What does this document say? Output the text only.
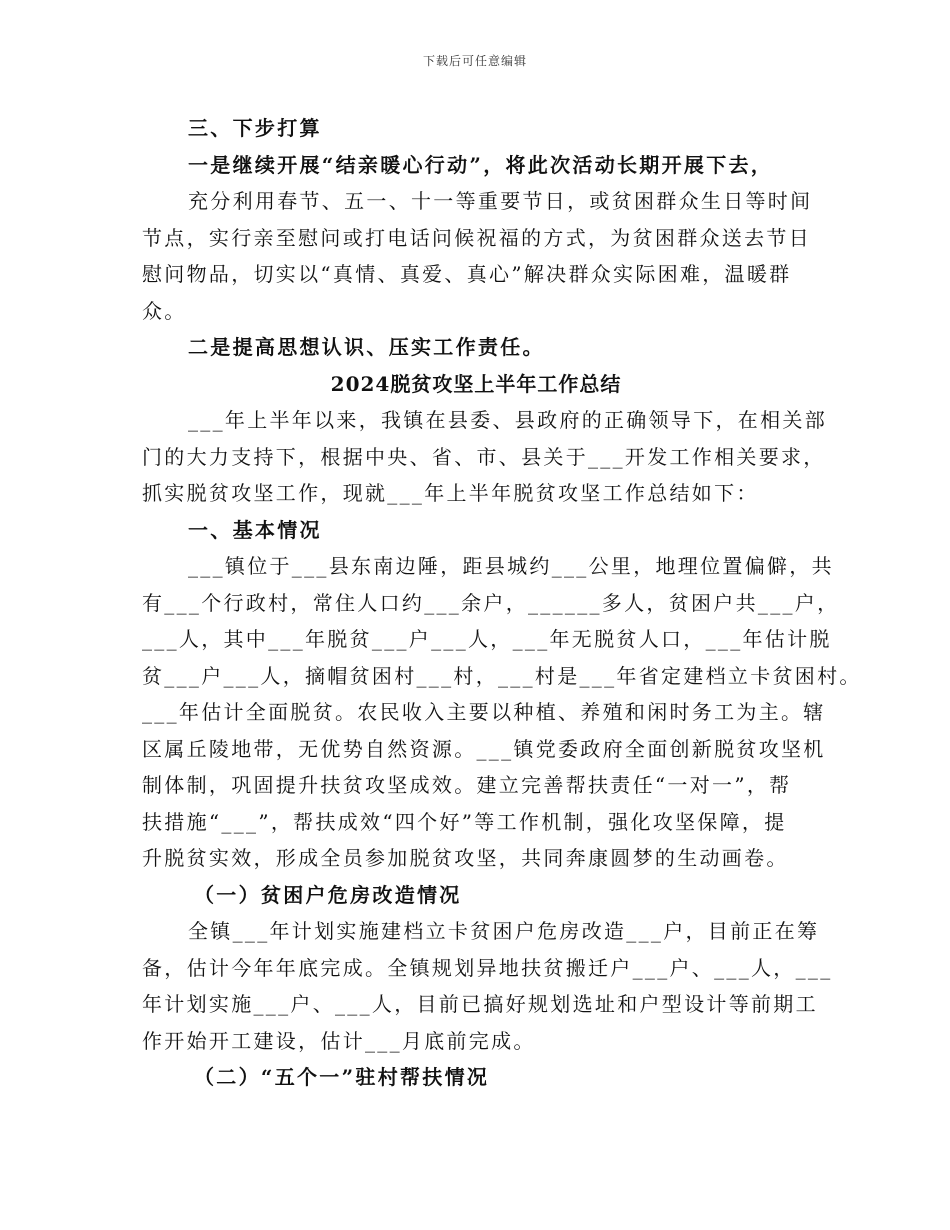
下载后可任意编辑
三、下步打算
一是继续开展“结亲暖心行动”，将此次活动长期开展下去，
充分利用春节、五一、十一等重要节日，或贫困群众生日等时间
节点，实行亲至慰问或打电话问候祝福的方式，为贫困群众送去节日
慰问物品，切实以“真情、真爱、真心”解决群众实际困难，温暖群
众。
二是提高思想认识、压实工作责任。
2024脱贫攻坚上半年工作总结
___年上半年以来，我镇在县委、县政府的正确领导下，在相关部
门的大力支持下，根据中央、省、市、县关于___开发工作相关要求，
抓实脱贫攻坚工作，现就___年上半年脱贫攻坚工作总结如下：
一、基本情况
___镇位于___县东南边陲，距县城约___公里，地理位置偏僻，共
有___个行政村，常住人口约___余户，______多人，贫困户共___户，
___人，其中___年脱贫___户___人，___年无脱贫人口，___年估计脱
贫___户___人，摘帽贫困村___村，___村是___年省定建档立卡贫困村。
___年估计全面脱贫。农民收入主要以种植、养殖和闲时务工为主。辖
区属丘陵地带，无优势自然资源。___镇党委政府全面创新脱贫攻坚机
制体制，巩固提升扶贫攻坚成效。建立完善帮扶责任“一对一”，帮
扶措施“___”，帮扶成效“四个好”等工作机制，强化攻坚保障，提
升脱贫实效，形成全员参加脱贫攻坚，共同奔康圆梦的生动画卷。
（一）贫困户危房改造情况
全镇___年计划实施建档立卡贫困户危房改造___户，目前正在筹
备，估计今年年底完成。全镇规划异地扶贫搬迁户___户、___人，___
年计划实施___户、___人，目前已搞好规划选址和户型设计等前期工
作开始开工建设，估计___月底前完成。
（二）“五个一”驻村帮扶情况
